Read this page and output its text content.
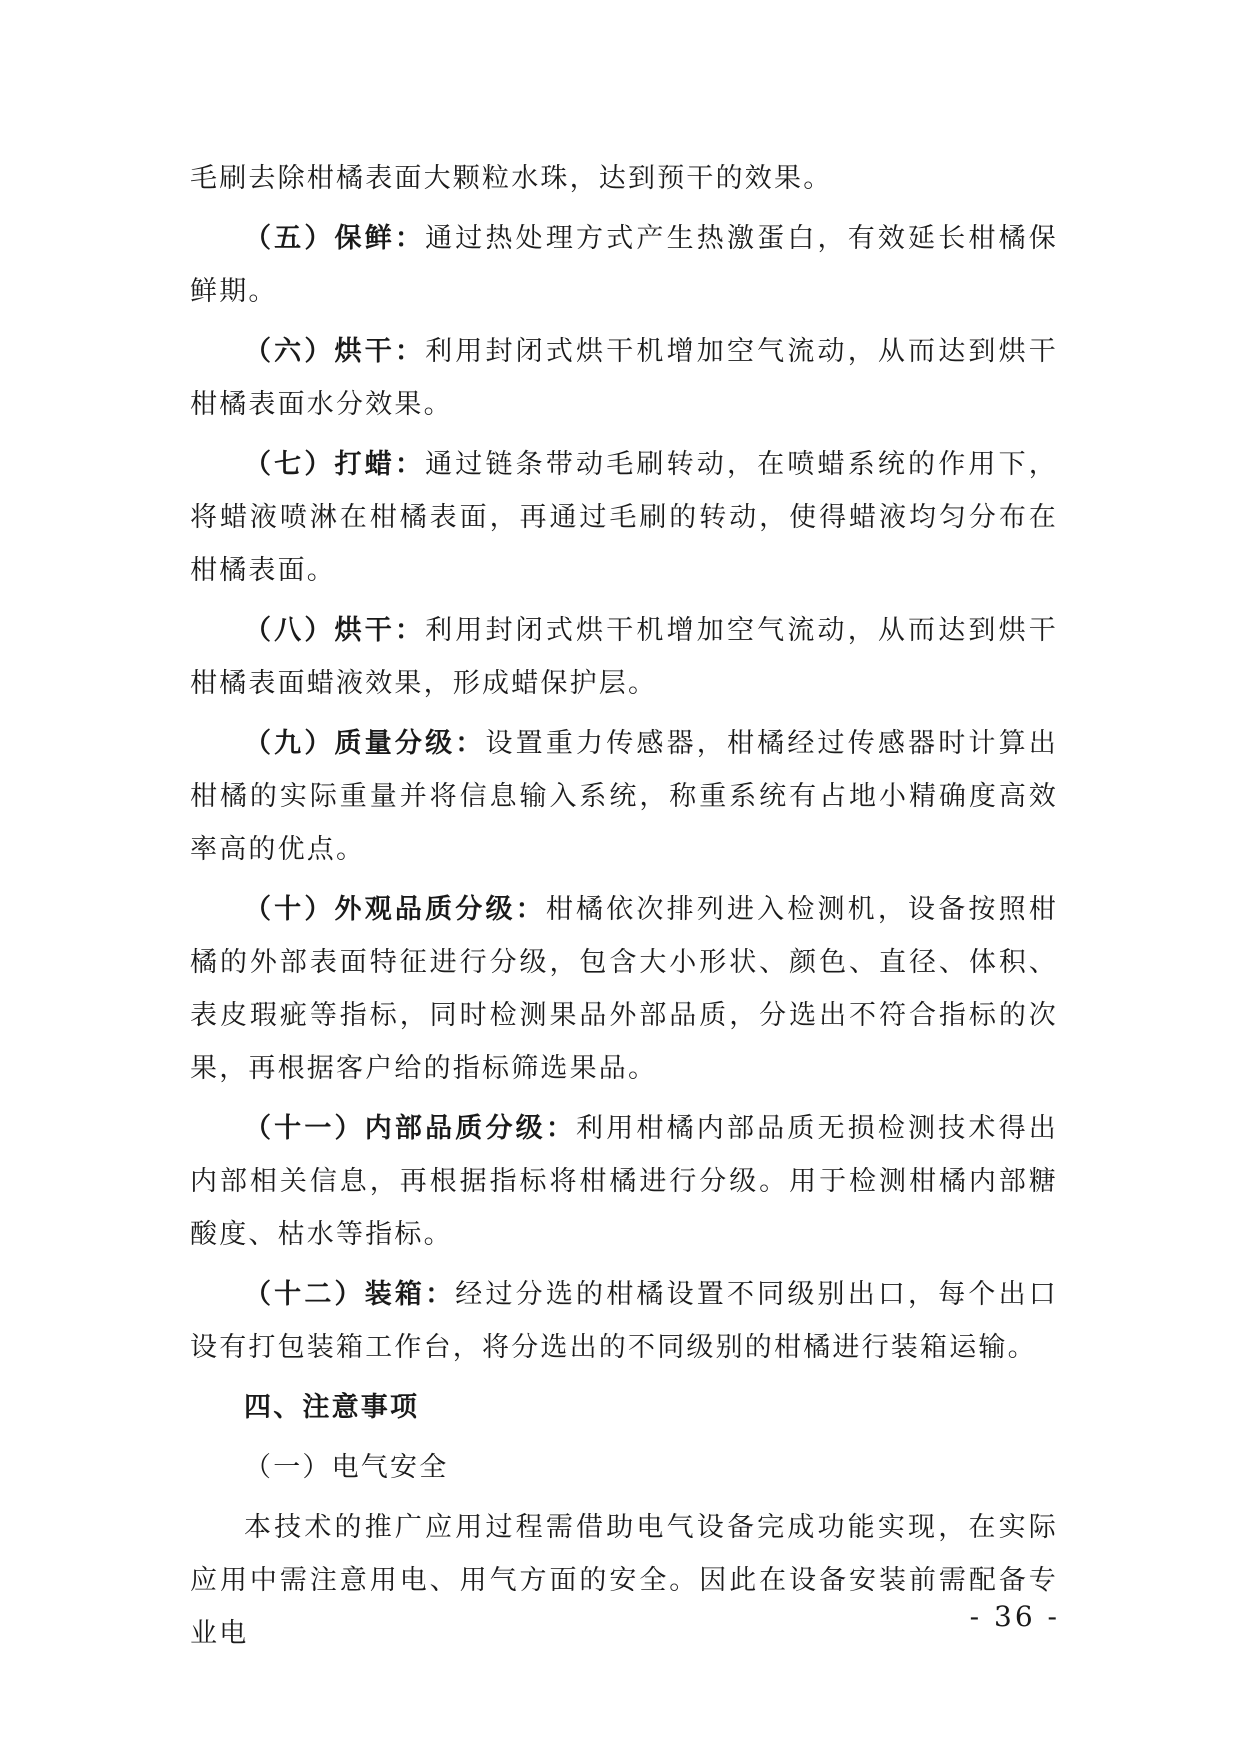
毛刷去除柑橘表面大颗粒水珠，达到预干的效果。

（五）保鲜：通过热处理方式产生热激蛋白，有效延长柑橘保鲜期。

（六）烘干：利用封闭式烘干机增加空气流动，从而达到烘干柑橘表面水分效果。

（七）打蜡：通过链条带动毛刷转动，在喷蜡系统的作用下，将蜡液喷淋在柑橘表面，再通过毛刷的转动，使得蜡液均匀分布在柑橘表面。

（八）烘干：利用封闭式烘干机增加空气流动，从而达到烘干柑橘表面蜡液效果，形成蜡保护层。

（九）质量分级：设置重力传感器，柑橘经过传感器时计算出柑橘的实际重量并将信息输入系统，称重系统有占地小精确度高效率高的优点。

（十）外观品质分级：柑橘依次排列进入检测机，设备按照柑橘的外部表面特征进行分级，包含大小形状、颜色、直径、体积、表皮瑕疵等指标，同时检测果品外部品质，分选出不符合指标的次果，再根据客户给的指标筛选果品。

（十一）内部品质分级：利用柑橘内部品质无损检测技术得出内部相关信息，再根据指标将柑橘进行分级。用于检测柑橘内部糖酸度、枯水等指标。

（十二）装箱：经过分选的柑橘设置不同级别出口，每个出口设有打包装箱工作台，将分选出的不同级别的柑橘进行装箱运输。

四、注意事项
（一）电气安全

本技术的推广应用过程需借助电气设备完成功能实现，在实际应用中需注意用电、用气方面的安全。因此在设备安装前需配备专业电

- 36 -
